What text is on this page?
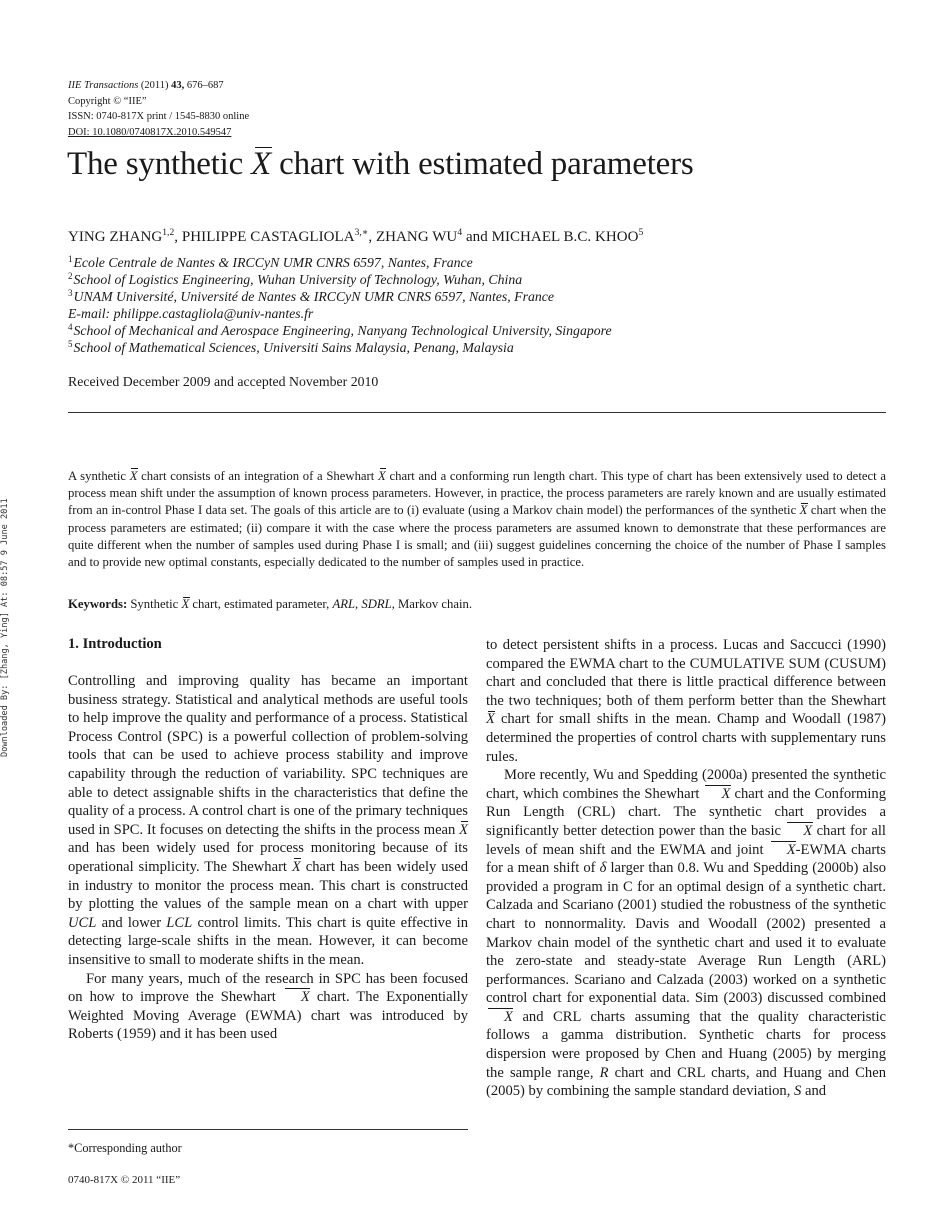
Downloaded By: [Zhang, Ying] At: 08:57 9 June 2011
IIE Transactions (2011) 43, 676–687
Copyright © “IIE”
ISSN: 0740-817X print / 1545-8830 online
DOI: 10.1080/0740817X.2010.549547
The synthetic X chart with estimated parameters
YING ZHANG$^{1,2}$, PHILIPPE $CASTAGLIOLA^{3,∗}$, ZHANG $WU^4$ and MICHAEL B.C. KHOO$^5$
$^1$Ecole Centrale de Nantes & IRCCyN UMR CNRS 6597, Nantes, France
$^2$School of Logistics Engineering, Wuhan University of Technology, Wuhan, China
$^3$UNAM Université, Université de Nantes & IRCCyN UMR CNRS 6597, Nantes, France
E-mail: philippe.castagliola@univ-nantes.fr
$^4$School of Mechanical and Aerospace Engineering, Nanyang Technological University, Singapore
$^5$School of Mathematical Sciences, Universiti Sains Malaysia, Penang, Malaysia
Received December 2009 and accepted November 2010
A synthetic X chart consists of an integration of a Shewhart X chart and a conforming run length chart. This type of chart has been extensively used to detect a process mean shift under the assumption of known process parameters. However, in practice, the process parameters are rarely known and are usually estimated from an in-control Phase I data set. The goals of this article are to (i) evaluate (using a Markov chain model) the performances of the synthetic X chart when the process parameters are estimated; (ii) compare it with the case where the process parameters are assumed known to demonstrate that these performances are quite different when the number of samples used during Phase I is small; and (iii) suggest guidelines concerning the choice of the number of Phase I samples and to provide new optimal constants, especially dedicated to the number of samples used in practice.
Keywords: Synthetic X chart, estimated parameter, ARL, SDRL, Markov chain.
1. Introduction

Controlling and improving quality has became an important business strategy. Statistical and analytical methods are useful tools to help improve the quality and performance of a process. Statistical Process Control (SPC) is a powerful collection of problem-solving tools that can be used to achieve process stability and improve capability through the reduction of variability. SPC techniques are able to detect assignable shifts in the characteristics that define the quality of a process. A control chart is one of the primary techniques used in SPC. It focuses on detecting the shifts in the process mean X and has been widely used for process monitoring because of its operational simplicity. The Shewhart X chart has been widely used in industry to monitor the process mean. This chart is constructed by plotting the values of the sample mean on a chart with upper UCL and lower LCL control limits. This chart is quite effective in detecting large-scale shifts in the mean. However, it can become insensitive to small to moderate shifts in the mean.

For many years, much of the research in SPC has been focused on how to improve the Shewhart X chart. The Exponentially Weighted Moving Average (EWMA) chart was introduced by Roberts (1959) and it has been used

to detect persistent shifts in a process. Lucas and Saccucci (1990) compared the EWMA chart to the CUMULATIVE SUM (CUSUM) chart and concluded that there is little practical difference between the two techniques; both of them perform better than the Shewhart X chart for small shifts in the mean. Champ and Woodall (1987) determined the properties of control charts with supplementary runs rules.

More recently, Wu and Spedding (2000a) presented the synthetic chart, which combines the Shewhart X chart and the Conforming Run Length (CRL) chart. The synthetic chart provides a significantly better detection power than the basic X chart for all levels of mean shift and the EWMA and joint X-EWMA charts for a mean shift of δ larger than 0.8. Wu and Spedding (2000b) also provided a program in C for an optimal design of a synthetic chart. Calzada and Scariano (2001) studied the robustness of the synthetic chart to nonnormality. Davis and Woodall (2002) presented a Markov chain model of the synthetic chart and used it to evaluate the zero-state and steady-state Average Run Length (ARL) performances. Scariano and Calzada (2003) worked on a synthetic control chart for exponential data. Sim (2003) discussed combined X and CRL charts assuming that the quality characteristic follows a gamma distribution. Synthetic charts for process dispersion were proposed by Chen and Huang (2005) by merging the sample range, R chart and CRL charts, and Huang and Chen (2005) by combining the sample standard deviation, S and

*Corresponding author
0740-817X © 2011 “IIE”
